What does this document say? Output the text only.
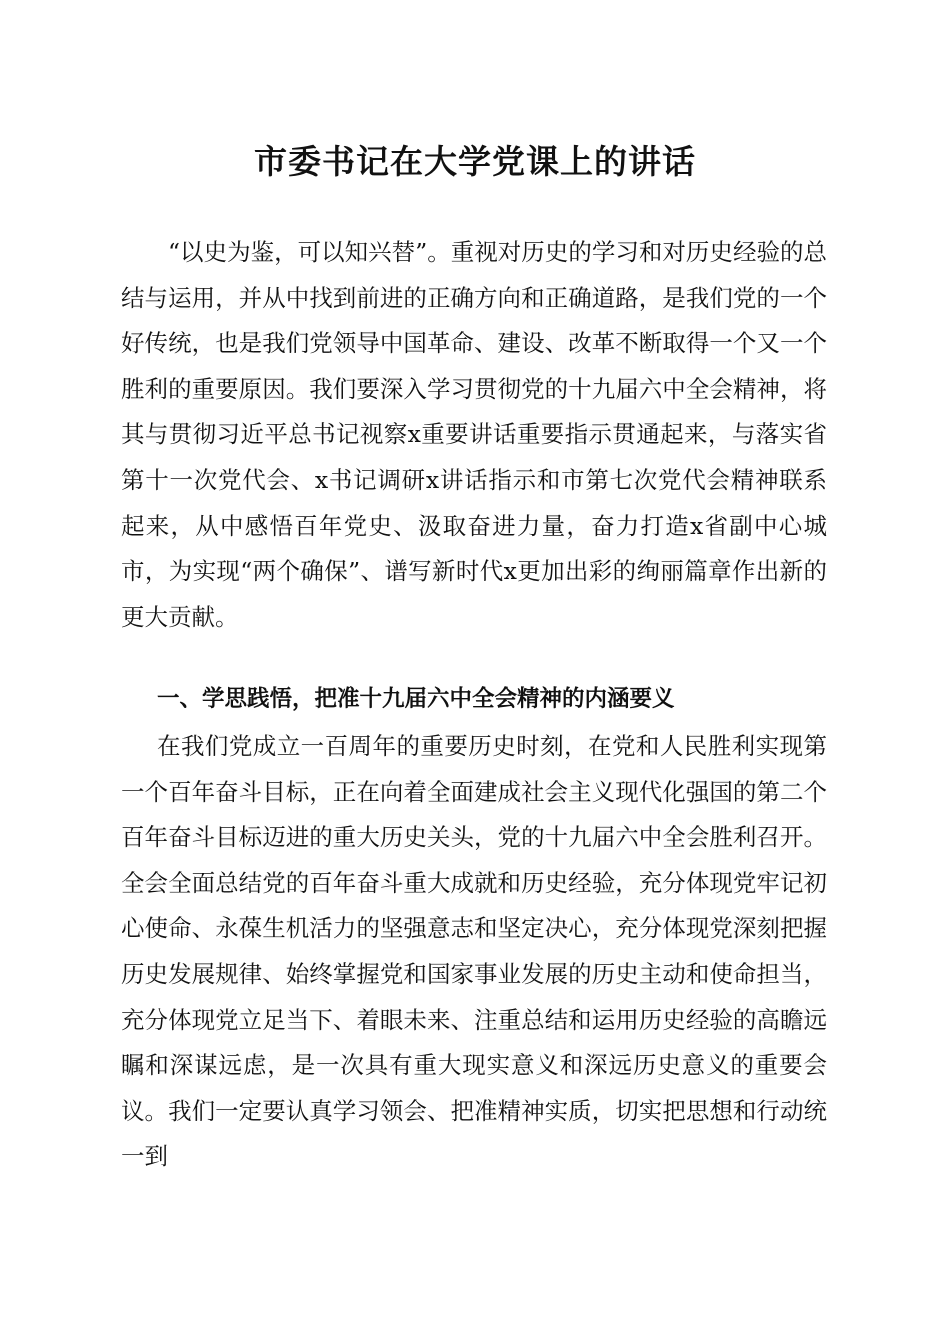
市委书记在大学党课上的讲话

“以史为鉴，可以知兴替”。重视对历史的学习和对历史经验的总结与运用，并从中找到前进的正确方向和正确道路，是我们党的一个好传统，也是我们党领导中国革命、建设、改革不断取得一个又一个胜利的重要原因。我们要深入学习贯彻党的十九届六中全会精神，将其与贯彻习近平总书记视察x重要讲话重要指示贯通起来，与落实省第十一次党代会、x书记调研x讲话指示和市第七次党代会精神联系起来，从中感悟百年党史、汲取奋进力量，奋力打造x省副中心城市，为实现“两个确保”、谱写新时代x更加出彩的绚丽篇章作出新的更大贡献。

一、学思践悟，把准十九届六中全会精神的内涵要义

在我们党成立一百周年的重要历史时刻，在党和人民胜利实现第一个百年奋斗目标，正在向着全面建成社会主义现代化强国的第二个百年奋斗目标迈进的重大历史关头，党的十九届六中全会胜利召开。全会全面总结党的百年奋斗重大成就和历史经验，充分体现党牢记初心使命、永葆生机活力的坚强意志和坚定决心，充分体现党深刻把握历史发展规律、始终掌握党和国家事业发展的历史主动和使命担当，充分体现党立足当下、着眼未来、注重总结和运用历史经验的高瞻远瞩和深谋远虑，是一次具有重大现实意义和深远历史意义的重要会议。我们一定要认真学习领会、把准精神实质，切实把思想和行动统一到
